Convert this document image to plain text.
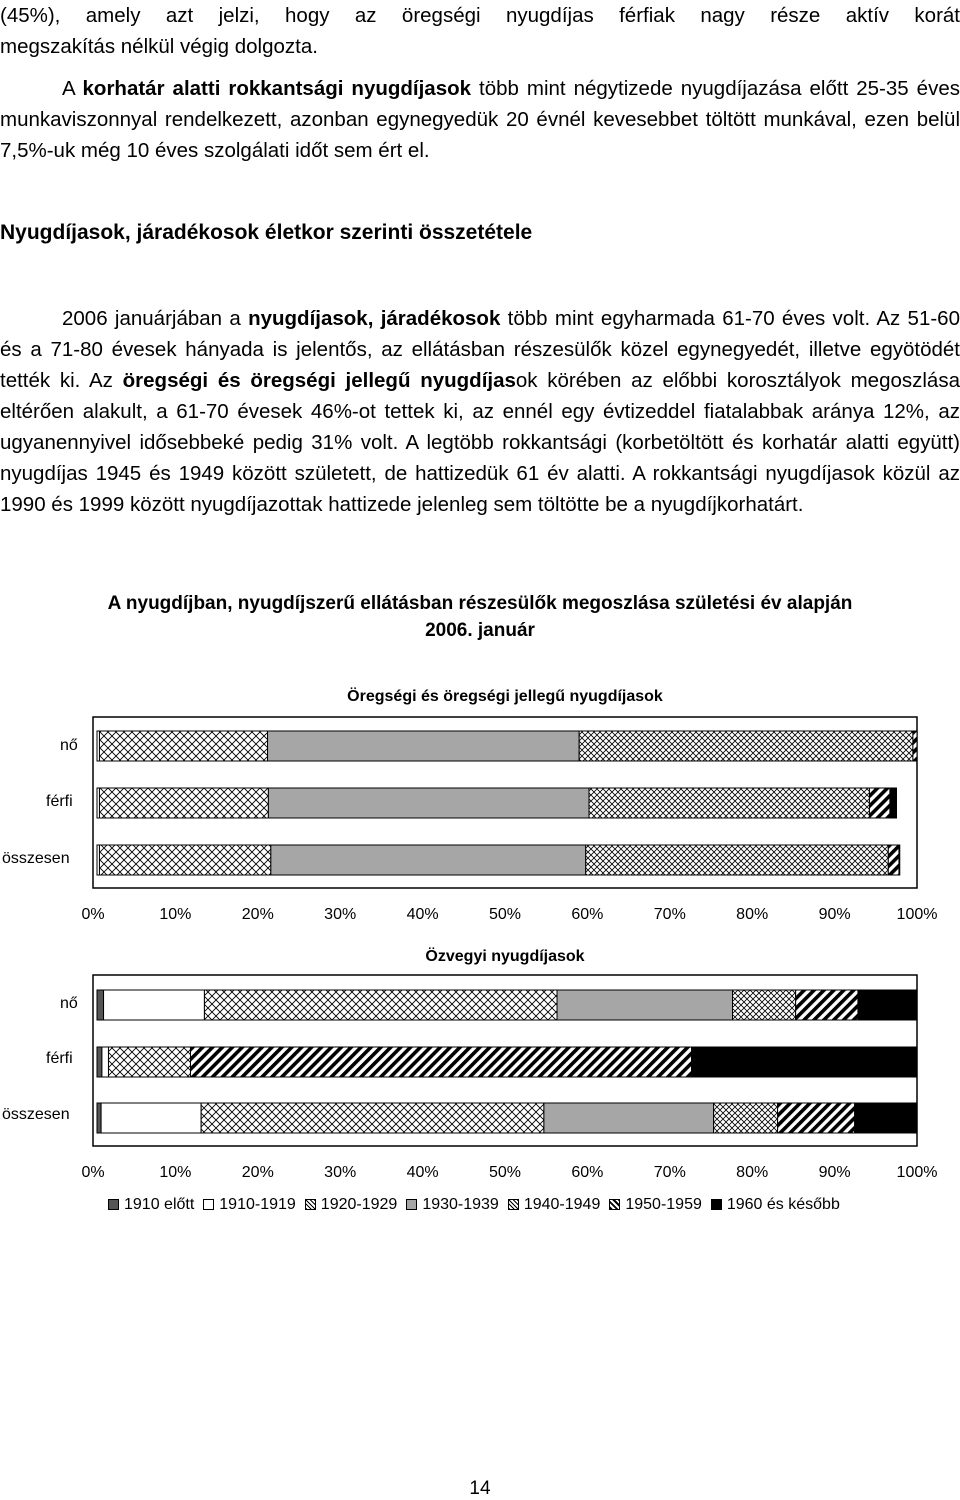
(45%), amely azt jelzi, hogy az öregségi nyugdíjas férfiak nagy része aktív korát
megszakítás nélkül végig dolgozta.
A korhatár alatti rokkantsági nyugdíjasok több mint négytizede nyugdíjazása előtt 25-35 éves munkaviszonnyal rendelkezett, azonban egynegyedük 20 évnél kevesebbet töltött munkával, ezen belül 7,5%-uk még 10 éves szolgálati időt sem ért el.
Nyugdíjasok, járadékosok életkor szerinti összetétele
2006 januárjában a nyugdíjasok, járadékosok több mint egyharmada 61-70 éves volt. Az 51-60 és a 71-80 évesek hányada is jelentős, az ellátásban részesülők közel egynegyedét, illetve egyötödét tették ki. Az öregségi és öregségi jellegű nyugdíjasok körében az előbbi korosztályok megoszlása eltérően alakult, a 61-70 évesek 46%-ot tettek ki, az ennél egy évtizeddel fiatalabbak aránya 12%, az ugyanennyivel idősebbeké pedig 31% volt. A legtöbb rokkantsági (korbetöltött és korhatár alatti együtt) nyugdíjas 1945 és 1949 között született, de hattizedük 61 év alatti. A rokkantsági nyugdíjasok közül az 1990 és 1999 között nyugdíjazottak hattizede jelenleg sem töltötte be a nyugdíjkorhatárt.
A nyugdíjban, nyugdíjszerű ellátásban részesülők megoszlása születési év alapján
2006. január
Öregségi és öregségi jellegű nyugdíjasok
Özvegyi nyugdíjasok
nő
férfi
összesen
nő
férfi
összesen
0%	10%	20%	30%	40%	50%	60%	70%	80%	90%	100%
0%	10%	20%	30%	40%	50%	60%	70%	80%	90%	100%
1910 előtt 1910-1919 1920-1929 1930-1939 1940-1949 1950-1959 1960 és később
14
